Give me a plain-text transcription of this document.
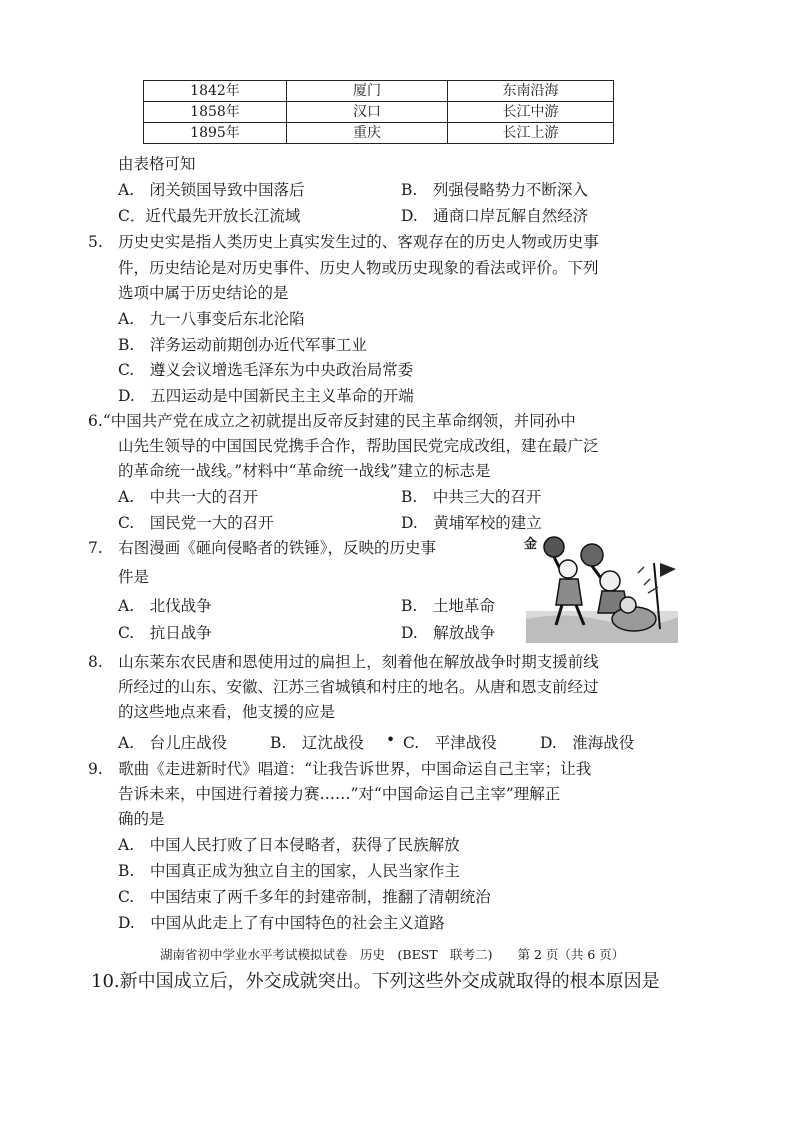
1842年	厦门	东南沿海
1858年	汉口	长江中游
1895年	重庆	长江上游
由表格可知
A.　闭关锁国导致中国落后	B.　列强侵略势力不断深入
C．近代最先开放长江流域	D.　通商口岸瓦解自然经济
5.　历史史实是指人类历史上真实发生过的、客观存在的历史人物或历史事
件，历史结论是对历史事件、历史人物或历史现象的看法或评价。下列
选项中属于历史结论的是
A.　九一八事变后东北沦陷
B.　洋务运动前期创办近代军事工业
C.　遵义会议增选毛泽东为中央政治局常委
D.　五四运动是中国新民主主义革命的开端
6.“中国共产党在成立之初就提出反帝反封建的民主革命纲领，并同孙中
山先生领导的中国国民党携手合作，帮助国民党完成改组，建在最广泛
的革命统一战线。”材料中“革命统一战线”建立的标志是
A.　中共一大的召开	B.　中共三大的召开
C.　国民党一大的召开	D.　黄埔军校的建立
7.　右图漫画《砸向侵略者的铁锤》，反映的历史事
件是
A.　北伐战争	B.　土地革命
C.　抗日战争	D.　解放战争
金
8.　山东莱东农民唐和恩使用过的扁担上，刻着他在解放战争时期支援前线
所经过的山东、安徽、江苏三省城镇和村庄的地名。从唐和恩支前经过
的这些地点来看，他支援的应是
A.　台儿庄战役	B.　辽沈战役 • C.　平津战役	D.　淮海战役
9.　歌曲《走进新时代》唱道：“让我告诉世界，中国命运自己主宰；让我
告诉未来，中国进行着接力赛……”对“中国命运自己主宰”理解正
确的是
A.　中国人民打败了日本侵略者，获得了民族解放
B.　中国真正成为独立自主的国家，人民当家作主
C.　中国结束了两千多年的封建帝制，推翻了清朝统治
D.　中国从此走上了有中国特色的社会主义道路
湖南省初中学业水平考试模拟试卷　历史　(BEST　联考二)　　第 2 页（共 6 页）
10.新中国成立后，外交成就突出。下列这些外交成就取得的根本原因是
